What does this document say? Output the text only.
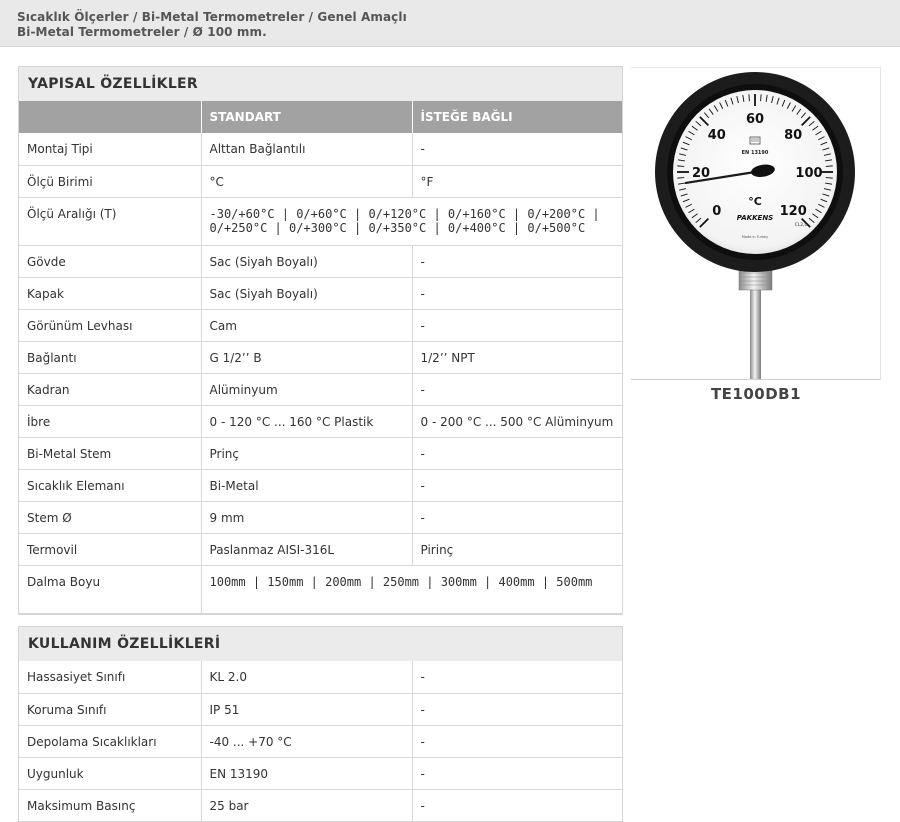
Sıcaklık Ölçerler / Bi-Metal Termometreler / Genel Amaçlı
Bi-Metal Termometreler / Ø 100 mm.
YAPISAL ÖZELLİKLER
	STANDART	İSTEĞE BAĞLI
Montaj Tipi	Alttan Bağlantılı	-
Ölçü Birimi	°C	°F
Ölçü Aralığı (T)	-30/+60°C | 0/+60°C | 0/+120°C | 0/+160°C | 0/+200°C | 0/+250°C | 0/+300°C | 0/+350°C | 0/+400°C | 0/+500°C	
Gövde	Sac (Siyah Boyalı)	-
Kapak	Sac (Siyah Boyalı)	-
Görünüm Levhası	Cam	-
Bağlantı	G 1/2’’ B	1/2’’ NPT
Kadran	Alüminyum	-
İbre	0 - 120 °C ... 160 °C Plastik	0 - 200 °C ... 500 °C Alüminyum
Bi-Metal Stem	Prinç	-
Sıcaklık Elemanı	Bi-Metal	-
Stem Ø	9 mm	-
Termovil	Paslanmaz AISI-316L	Pirinç
Dalma Boyu	100mm | 150mm | 200mm | 250mm | 300mm | 400mm | 500mm	
KULLANIM ÖZELLİKLERİ
Hassasiyet Sınıfı	KL 2.0	-
Koruma Sınıfı	IP 51	-
Depolama Sıcaklıkları	-40 ... +70 °C	-
Uygunluk	EN 13190	-
Maksimum Basınç	25 bar	-
0
20
40
60
80
100
120
EN 13190
°C
PAKKENS
CL2,0
Made in Turkey
TE100DB1
